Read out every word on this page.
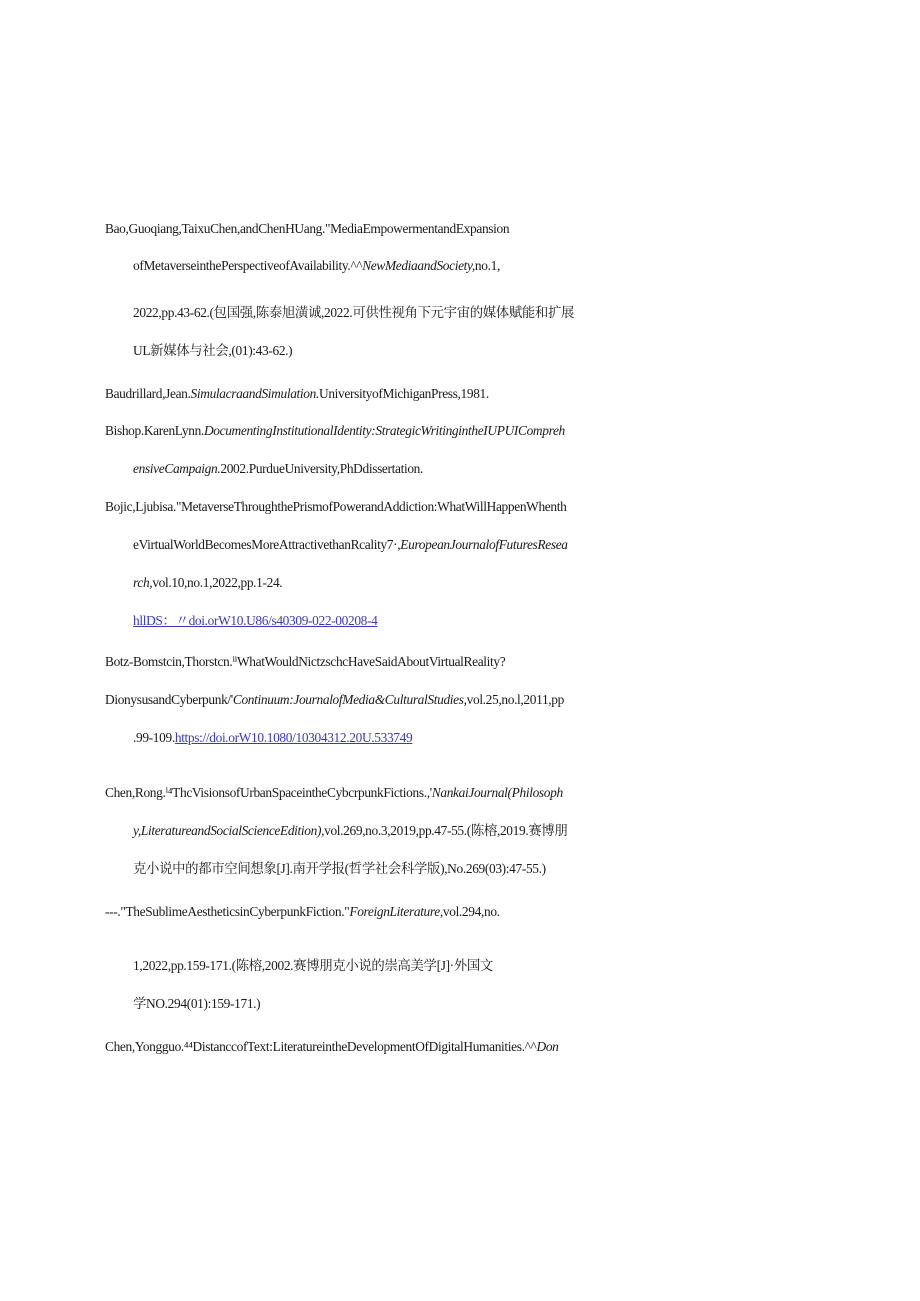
Bao,Guoqiang,TaixuChen,andChenHUang."MediaEmpowermentandExpansion
ofMetaverseinthePerspectiveofAvailability.^^NewMediaandSociety,no.1,
2022,pp.43-62.(包国强,陈泰旭潢诚,2022.可供性视角下元宇宙的媒体赋能和扩展
UL新媒体与社会,(01):43-62.)
Baudrillard,Jean.SimulacraandSimulation.UniversityofMichiganPress,1981.
Bishop.KarenLynn.DocumentingInstitutionalIdentity:StrategicWritingintheIUPUICompreh
ensiveCampaign.2002.PurdueUniversity,PhDdissertation.
Bojic,Ljubisa."MetaverseThroughthePrismofPowerandAddiction:WhatWillHappenWhenth
eVirtualWorldBecomesMoreAttractivethanRcality7·,EuropeanJournalofFuturesResea
rch,vol.10,no.1,2022,pp.1-24.
hllDS：〃doi.orW10.U86/s40309-022-00208-4
Botz-Bomstcin,Thorstcn.ⁱⁱWhatWouldNictzschcHaveSaidAboutVirtualReality?
DionysusandCyberpunk/'Continuum:JournalofMedia&CulturalStudies,vol.25,no.l,2011,pp
.99-109.https://doi.orW10.1080/10304312.20U.533749
Chen,Rong.ⁱ⁴ThcVisionsofUrbanSpaceintheCybcrpunkFictions.,'NankaiJournal(Philosoph
y,LiteratureandSocialScienceEdition),vol.269,no.3,2019,pp.47-55.(陈榕,2019.赛博朋
克小说中的都市空间想象[J].南开学报(哲学社会科学版),No.269(03):47-55.)
---."TheSublimeAestheticsinCyberpunkFiction."ForeignLiterature,vol.294,no.
1,2022,pp.159-171.(陈榕,2002.赛博朋克小说的崇高美学[J]·外国文
学NO.294(01):159-171.)
Chen,Yongguo.⁴⁴DistanccofText:LiteratureintheDevelopmentOfDigitalHumanities.^^Don
